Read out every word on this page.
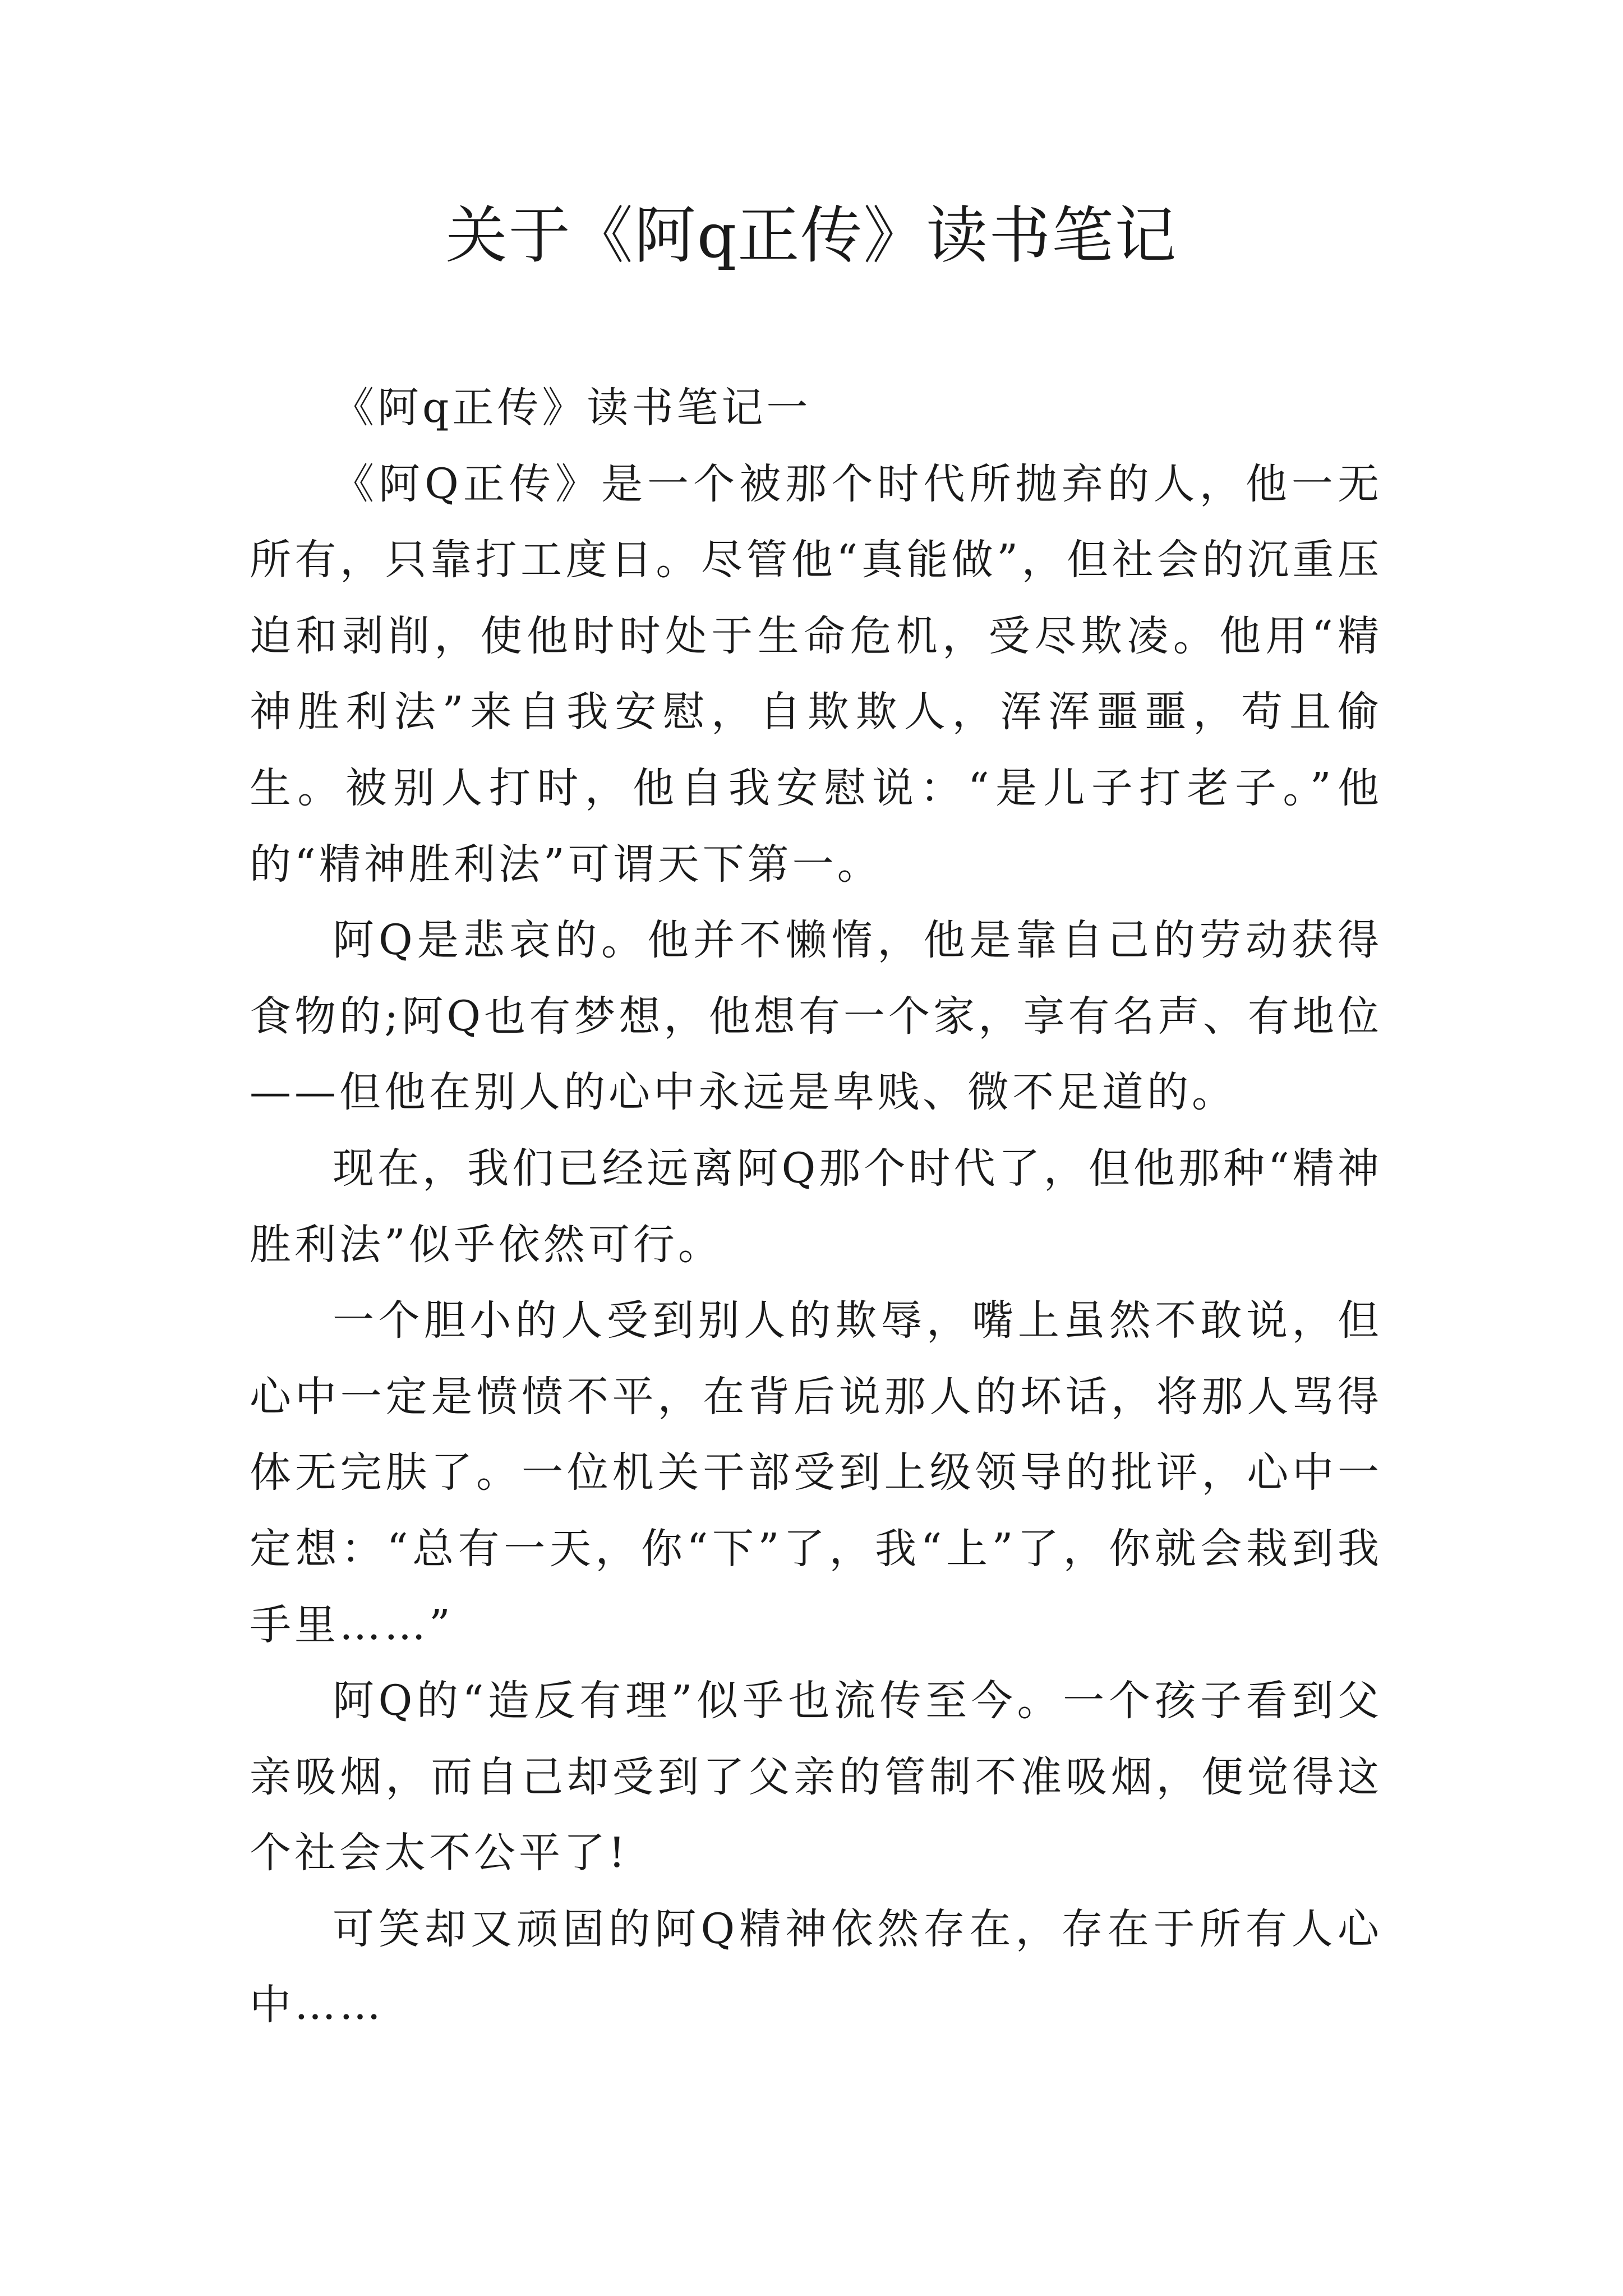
关于《阿q正传》读书笔记

《阿q正传》读书笔记一

《阿Q正传》是一个被那个时代所抛弃的人，他一无所有，只靠打工度日。尽管他“真能做”，但社会的沉重压迫和剥削，使他时时处于生命危机，受尽欺凌。他用“精神胜利法”来自我安慰，自欺欺人，浑浑噩噩，苟且偷生。被别人打时，他自我安慰说：“是儿子打老子。”他的“精神胜利法”可谓天下第一。

阿Q是悲哀的。他并不懒惰，他是靠自己的劳动获得食物的;阿Q也有梦想，他想有一个家，享有名声、有地位——但他在别人的心中永远是卑贱、微不足道的。

现在，我们已经远离阿Q那个时代了，但他那种“精神胜利法”似乎依然可行。

一个胆小的人受到别人的欺辱，嘴上虽然不敢说，但心中一定是愤愤不平，在背后说那人的坏话，将那人骂得体无完肤了。一位机关干部受到上级领导的批评，心中一定想：“总有一天，你“下”了，我“上”了，你就会栽到我手里……”

阿Q的“造反有理”似乎也流传至今。一个孩子看到父亲吸烟，而自己却受到了父亲的管制不准吸烟，便觉得这个社会太不公平了!

可笑却又顽固的阿Q精神依然存在，存在于所有人心中……
